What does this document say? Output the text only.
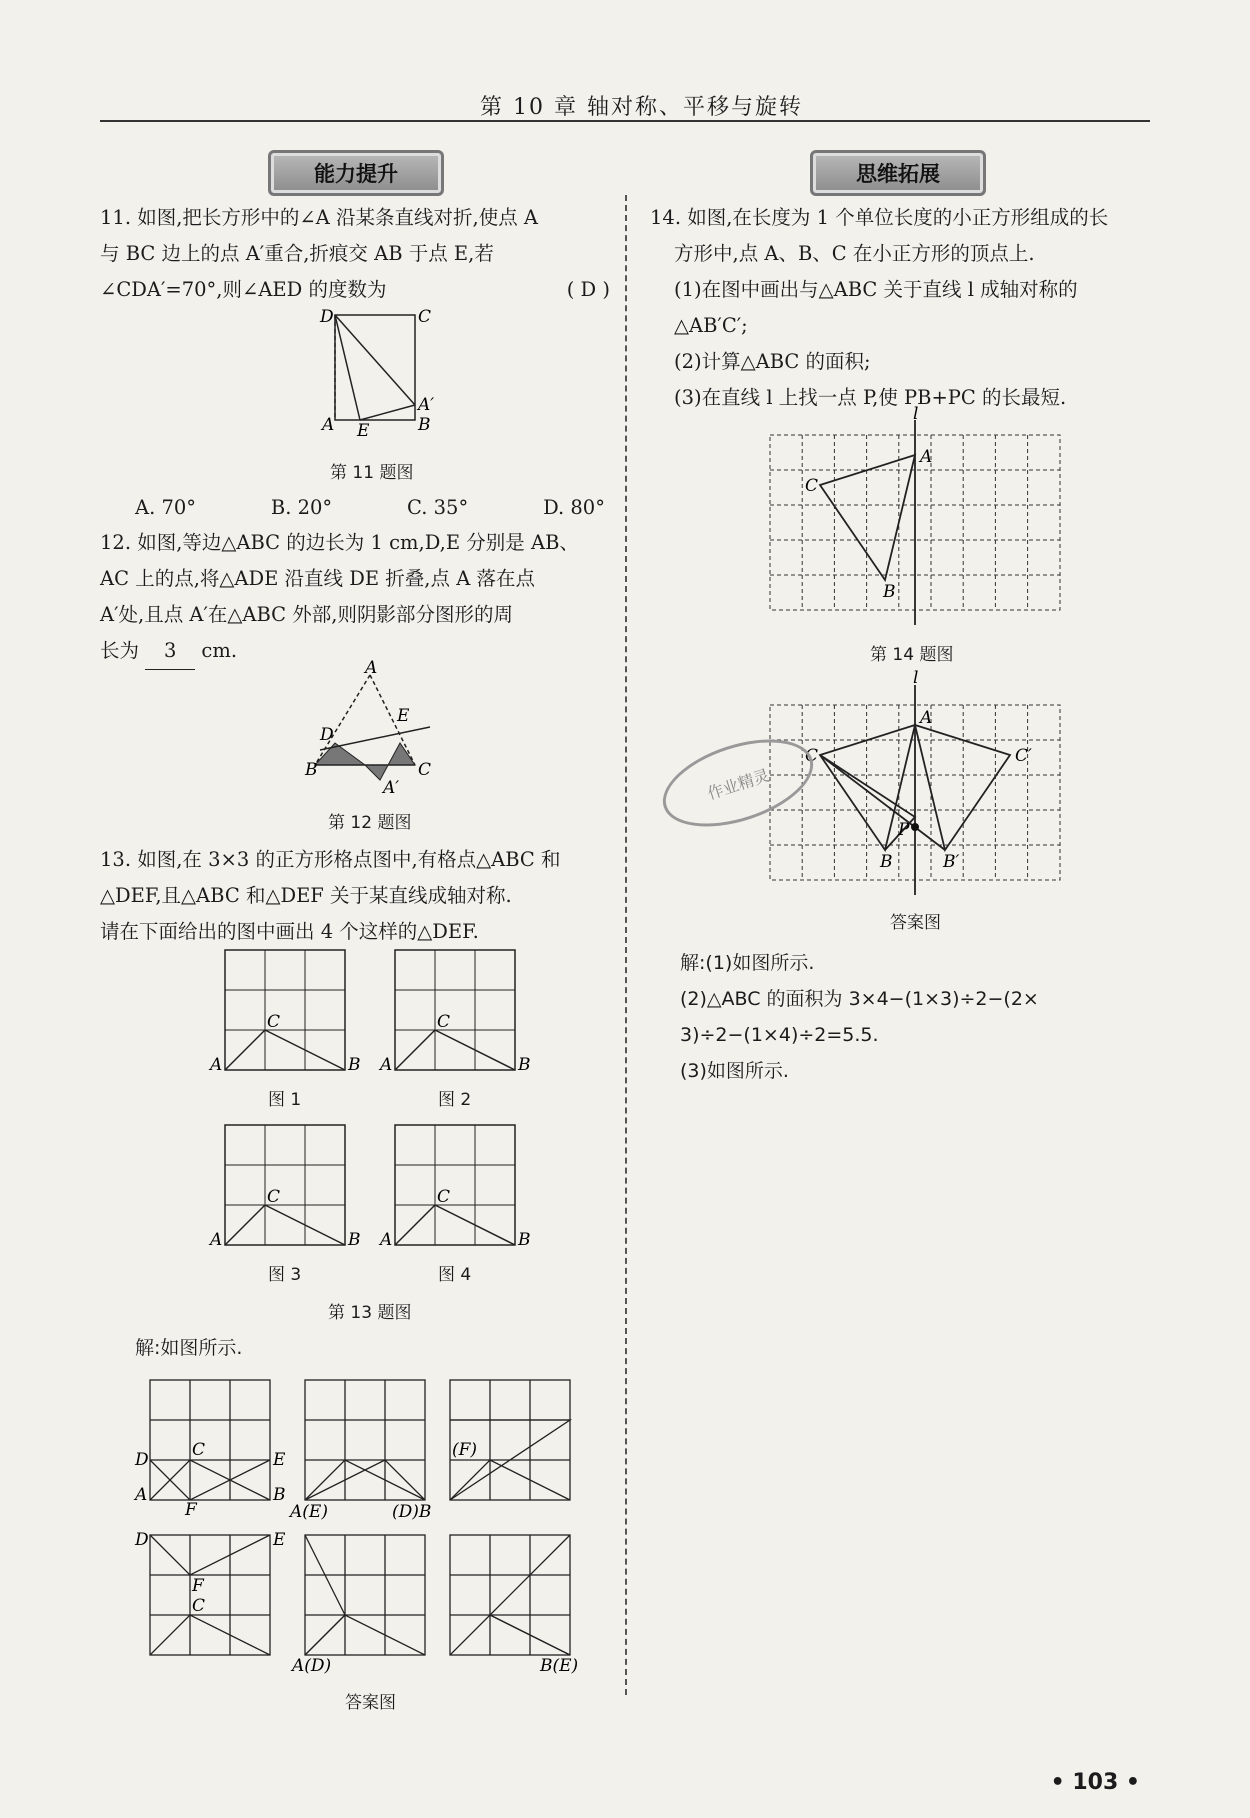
第 10 章 轴对称、平移与旋转
能力提升	思维拓展
11. 如图,把长方形中的∠A 沿某条直线对折,使点 A
与 BC 边上的点 A′重合,折痕交 AB 于点 E,若
∠CDA′=70°,则∠AED 的度数为	( D )
D	C
A E	B
A′
第 11 题图
A. 70°	B. 20°	C. 35°	D. 80°
12. 如图,等边△ABC 的边长为 1 cm,D,E 分别是 AB、
AC 上的点,将△ADE 沿直线 DE 折叠,点 A 落在点
A′处,且点 A′在△ABC 外部,则阴影部分图形的周
长为 3 cm.
A
D
E
B	C
A′
第 12 题图
13. 如图,在 3×3 的正方形格点图中,有格点△ABC 和
△DEF,且△ABC 和△DEF 关于某直线成轴对称.
请在下面给出的图中画出 4 个这样的△DEF.
A
C
B A
C
B
A
C
B A
C
B
图 1	图 2
图 3	图 4
第 13 题图
解:如图所示.
D	C	E
A
F
B
A(E)	(D)B
(F)
D
C
A(D)	B(E)
E
F
答案图
14. 如图,在长度为 1 个单位长度的小正方形组成的长
方形中,点 A、B、C 在小正方形的顶点上.
(1)在图中画出与△ABC 关于直线 l 成轴对称的
△AB′C′;
(2)计算△ABC 的面积;
(3)在直线 l 上找一点 P,使 PB+PC 的长最短.
l
A
C
B
第 14 题图
l
A
C	C′
P
B	B′
答案图
作业精灵
解:(1)如图所示.
(2)△ABC 的面积为 3×4−(1×3)÷2−(2×
3)÷2−(1×4)÷2=5.5.
(3)如图所示.
• 103 •
